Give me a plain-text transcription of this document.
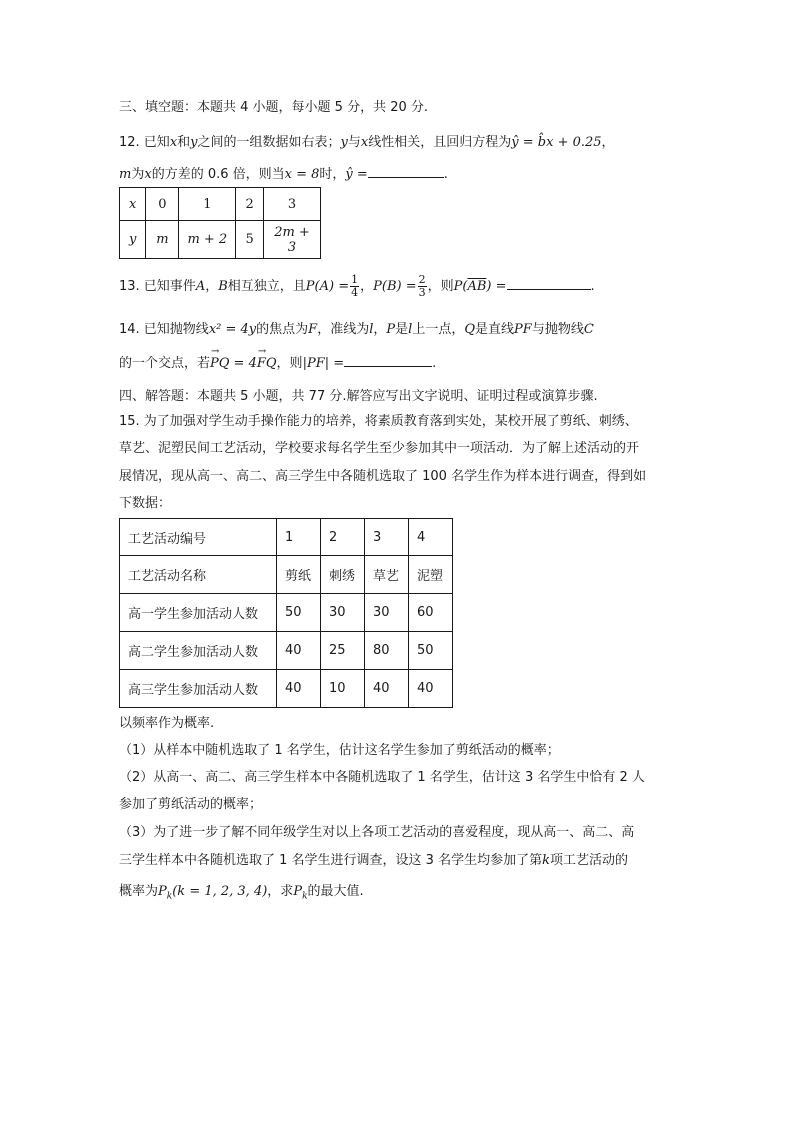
三、填空题：本题共 4 小题，每小题 5 分，共 20 分.
12. 已知x和y之间的一组数据如右表；y与x线性相关，且回归方程为ŷ = b̂x + 0.25，
m为x的方差的 0.6 倍，则当x = 8时，ŷ =	.
x	0	1	2	3
y	m	m + 2	5	2m + 3
13. 已知事件A，B相互独立，且$P(A) = \frac{1}{4}$ ，$P(B) = \frac{2}{3}$ ，则$P(\overline{AB})$ =	.
14. 已知抛物线x² = 4y的焦点为F，准线为l，P是l上一点，Q是直线PF与抛物线C
的一个交点，若→ PQ = 4→ FQ，则|PF| =	.
四、解答题：本题共 5 小题，共 77 分.解答应写出文字说明、证明过程或演算步骤.
15. 为了加强对学生动手操作能力的培养，将素质教育落到实处，某校开展了剪纸、刺绣、
草艺、泥塑民间工艺活动，学校要求每名学生至少参加其中一项活动．为了解上述活动的开
展情况，现从高一、高二、高三学生中各随机选取了 100 名学生作为样本进行调查，得到如
下数据：
工艺活动编号	1	2	3	4
工艺活动名称	剪纸	刺绣	草艺	泥塑
高一学生参加活动人数	50	30	30	60
高二学生参加活动人数	40	25	80	50
高三学生参加活动人数	40	10	40	40
以频率作为概率.
（1）从样本中随机选取了 1 名学生，估计这名学生参加了剪纸活动的概率；
（2）从高一、高二、高三学生样本中各随机选取了 1 名学生，估计这 3 名学生中恰有 2 人
参加了剪纸活动的概率；
（3）为了进一步了解不同年级学生对以上各项工艺活动的喜爱程度，现从高一、高二、高
三学生样本中各随机选取了 1 名学生进行调查，设这 3 名学生均参加了第k项工艺活动的
概率为$P_k(k = 1$, 2, 3, 4)，求$P_k$的最大值.
